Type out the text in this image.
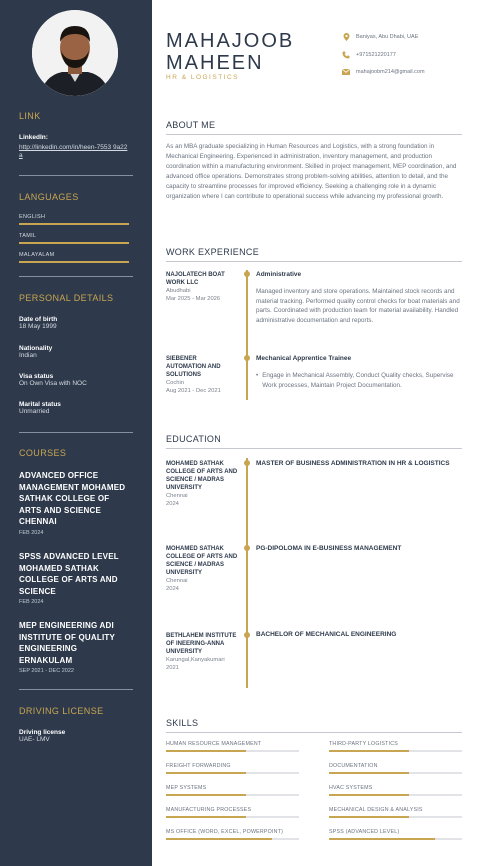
LINK
LinkedIn:
http://linkedin.com/in/heen-7553 9a22a
LANGUAGES
ENGLISH
TAMIL
MALAYALAM
PERSONAL DETAILS
Date of birth
18 May 1999
Nationality
Indian
Visa status
On Own Visa with NOC
Marital status
Unmarried
COURSES
ADVANCED OFFICE MANAGEMENT MOHAMED SATHAK COLLEGE OF ARTS AND SCIENCE CHENNAI
FEB 2024
SPSS ADVANCED LEVEL MOHAMED SATHAK COLLEGE OF ARTS AND SCIENCE
FEB 2024
MEP ENGINEERING ADI INSTITUTE OF QUALITY ENGINEERING ERNAKULAM
SEP 2021 - DEC 2022
DRIVING LICENSE
Driving license
UAE- LMV
MAHAJOOB
MAHEEN
HR & LOGISTICS
Baniyas, Abu Dhabi, UAE
+971521220177
mahajoobm214@gmail.com
ABOUT ME
As an MBA graduate specializing in Human Resources and Logistics, with a strong foundation in Mechanical Engineering. Experienced in administration, inventory management, and production coordination within a manufacturing environment. Skilled in project management, MEP coordination, and advanced office operations. Demonstrates strong problem-solving abilities, attention to detail, and the capacity to streamline processes for improved efficiency. Seeking a challenging role in a dynamic organization where I can contribute to operational success while advancing my professional growth.
WORK EXPERIENCE
NAJOLATECH BOAT WORK LLC
Abudhabi
Mar 2025 - Mar 2026
Administrative
Managed inventory and store operations. Maintained stock records and material tracking. Performed quality control checks for boat materials and parts. Coordinated with production team for material availability. Handled administrative documentation and reports.
SIEBENER AUTOMATION AND SOLUTIONS
Cochin
Aug 2021 - Dec 2021
Mechanical Apprentice Trainee
• Engage in Mechanical Assembly, Conduct Quality checks, Supervise Work processes, Maintain Project Documentation.
EDUCATION
MOHAMED SATHAK COLLEGE OF ARTS AND SCIENCE / MADRAS UNIVERSITY
Chennai
2024
MASTER OF BUSINESS ADMINISTRATION IN HR & LOGISTICS
MOHAMED SATHAK COLLEGE OF ARTS AND SCIENCE / MADRAS UNIVERSITY
Chennai
2024
PG-DIPOLOMA IN E-BUSINESS MANAGEMENT
BETHLAHEM INSTITUTE OF INEERING-ANNA UNIVERSITY
Karungal,Kanyakumari
2021
BACHELOR OF MECHANICAL ENGINEERING
SKILLS
HUMAN RESOURCE MANAGEMENT	THIRD-PARTY LOGISTICS
FREIGHT FORWARDING	DOCUMENTATION
MEP SYSTEMS	HVAC SYSTEMS
MANUFACTURING PROCESSES	MECHANICAL DESIGN & ANALYSIS
MS OFFICE (WORD, EXCEL, POWERPOINT)	SPSS (ADVANCED LEVEL)
